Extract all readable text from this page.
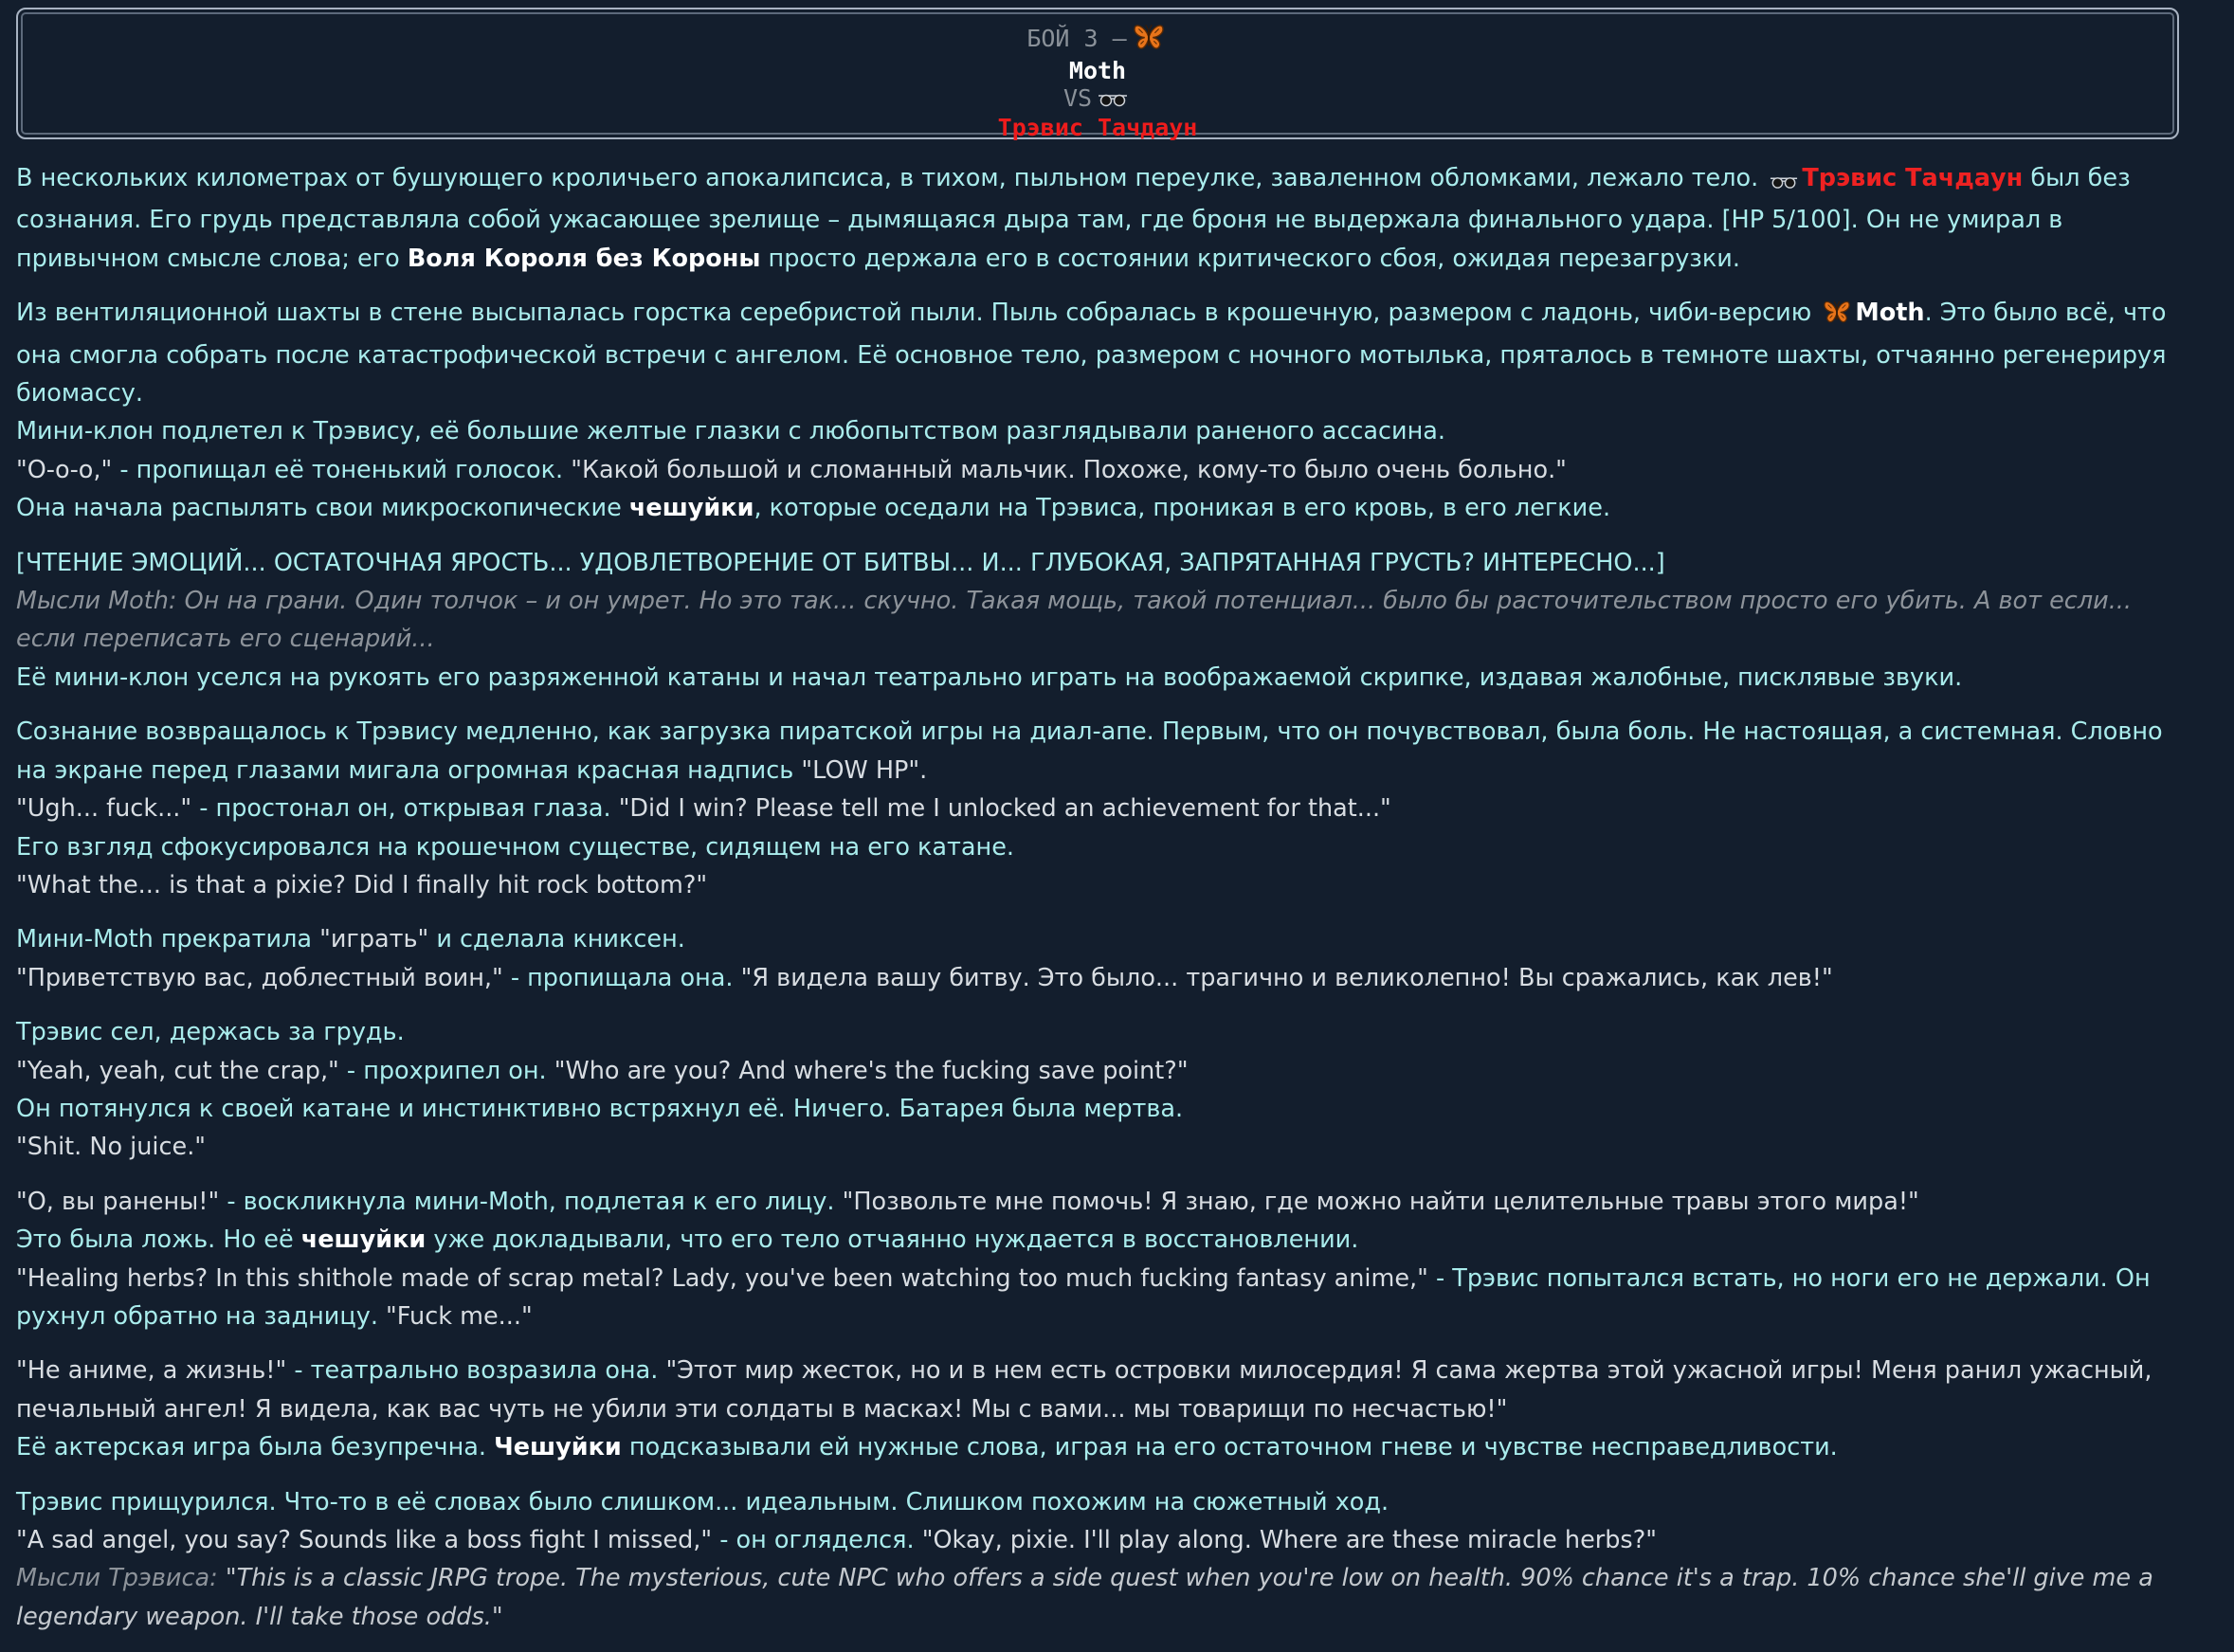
БОЙ 3 –
Moth
VS
Трэвис Тачдаун
В нескольких километрах от бушующего кроличьего апокалипсиса, в тихом, пыльном переулке, заваленном обломками, лежало тело. Трэвис Тачдаун был без сознания. Его грудь представляла собой ужасающее зрелище – дымящаяся дыра там, где броня не выдержала финального удара. [HP 5/100]. Он не умирал в привычном смысле слова; его Воля Короля без Короны просто держала его в состоянии критического сбоя, ожидая перезагрузки.
Из вентиляционной шахты в стене высыпалась горстка серебристой пыли. Пыль собралась в крошечную, размером с ладонь, чиби-версию Moth. Это было всё, что она смогла собрать после катастрофической встречи с ангелом. Её основное тело, размером с ночного мотылька, пряталось в темноте шахты, отчаянно регенерируя биомассу.
Мини-клон подлетел к Трэвису, её большие желтые глазки с любопытством разглядывали раненого ассасина.
"О-о-о," - пропищал её тоненький голосок. "Какой большой и сломанный мальчик. Похоже, кому-то было очень больно."
Она начала распылять свои микроскопические чешуйки, которые оседали на Трэвиса, проникая в его кровь, в его легкие.
[ЧТЕНИЕ ЭМОЦИЙ... ОСТАТОЧНАЯ ЯРОСТЬ... УДОВЛЕТВОРЕНИЕ ОТ БИТВЫ... И... ГЛУБОКАЯ, ЗАПРЯТАННАЯ ГРУСТЬ? ИНТЕРЕСНО...]
Мысли Moth: Он на грани. Один толчок – и он умрет. Но это так... скучно. Такая мощь, такой потенциал... было бы расточительством просто его убить. А вот если... если переписать его сценарий...
Её мини-клон уселся на рукоять его разряженной катаны и начал театрально играть на воображаемой скрипке, издавая жалобные, писклявые звуки.
Сознание возвращалось к Трэвису медленно, как загрузка пиратской игры на диал-апе. Первым, что он почувствовал, была боль. Не настоящая, а системная. Словно на экране перед глазами мигала огромная красная надпись "LOW HP".
"Ugh... fuck..." - простонал он, открывая глаза. "Did I win? Please tell me I unlocked an achievement for that..."
Его взгляд сфокусировался на крошечном существе, сидящем на его катане.
"What the... is that a pixie? Did I finally hit rock bottom?"
Мини-Moth прекратила "играть" и сделала книксен.
"Приветствую вас, доблестный воин," - пропищала она. "Я видела вашу битву. Это было... трагично и великолепно! Вы сражались, как лев!"
Трэвис сел, держась за грудь.
"Yeah, yeah, cut the crap," - прохрипел он. "Who are you? And where's the fucking save point?"
Он потянулся к своей катане и инстинктивно встряхнул её. Ничего. Батарея была мертва.
"Shit. No juice."
"О, вы ранены!" - воскликнула мини-Moth, подлетая к его лицу. "Позвольте мне помочь! Я знаю, где можно найти целительные травы этого мира!"
Это была ложь. Но её чешуйки уже докладывали, что его тело отчаянно нуждается в восстановлении.
"Healing herbs? In this shithole made of scrap metal? Lady, you've been watching too much fucking fantasy anime," - Трэвис попытался встать, но ноги его не держали. Он рухнул обратно на задницу. "Fuck me..."
"Не аниме, а жизнь!" - театрально возразила она. "Этот мир жесток, но и в нем есть островки милосердия! Я сама жертва этой ужасной игры! Меня ранил ужасный, печальный ангел! Я видела, как вас чуть не убили эти солдаты в масках! Мы с вами... мы товарищи по несчастью!"
Её актерская игра была безупречна. Чешуйки подсказывали ей нужные слова, играя на его остаточном гневе и чувстве несправедливости.
Трэвис прищурился. Что-то в её словах было слишком... идеальным. Слишком похожим на сюжетный ход.
"A sad angel, you say? Sounds like a boss fight I missed," - он огляделся. "Okay, pixie. I'll play along. Where are these miracle herbs?"
Мысли Трэвиса: "This is a classic JRPG trope. The mysterious, cute NPC who offers a side quest when you're low on health. 90% chance it's a trap. 10% chance she'll give me a legendary weapon. I'll take those odds."
